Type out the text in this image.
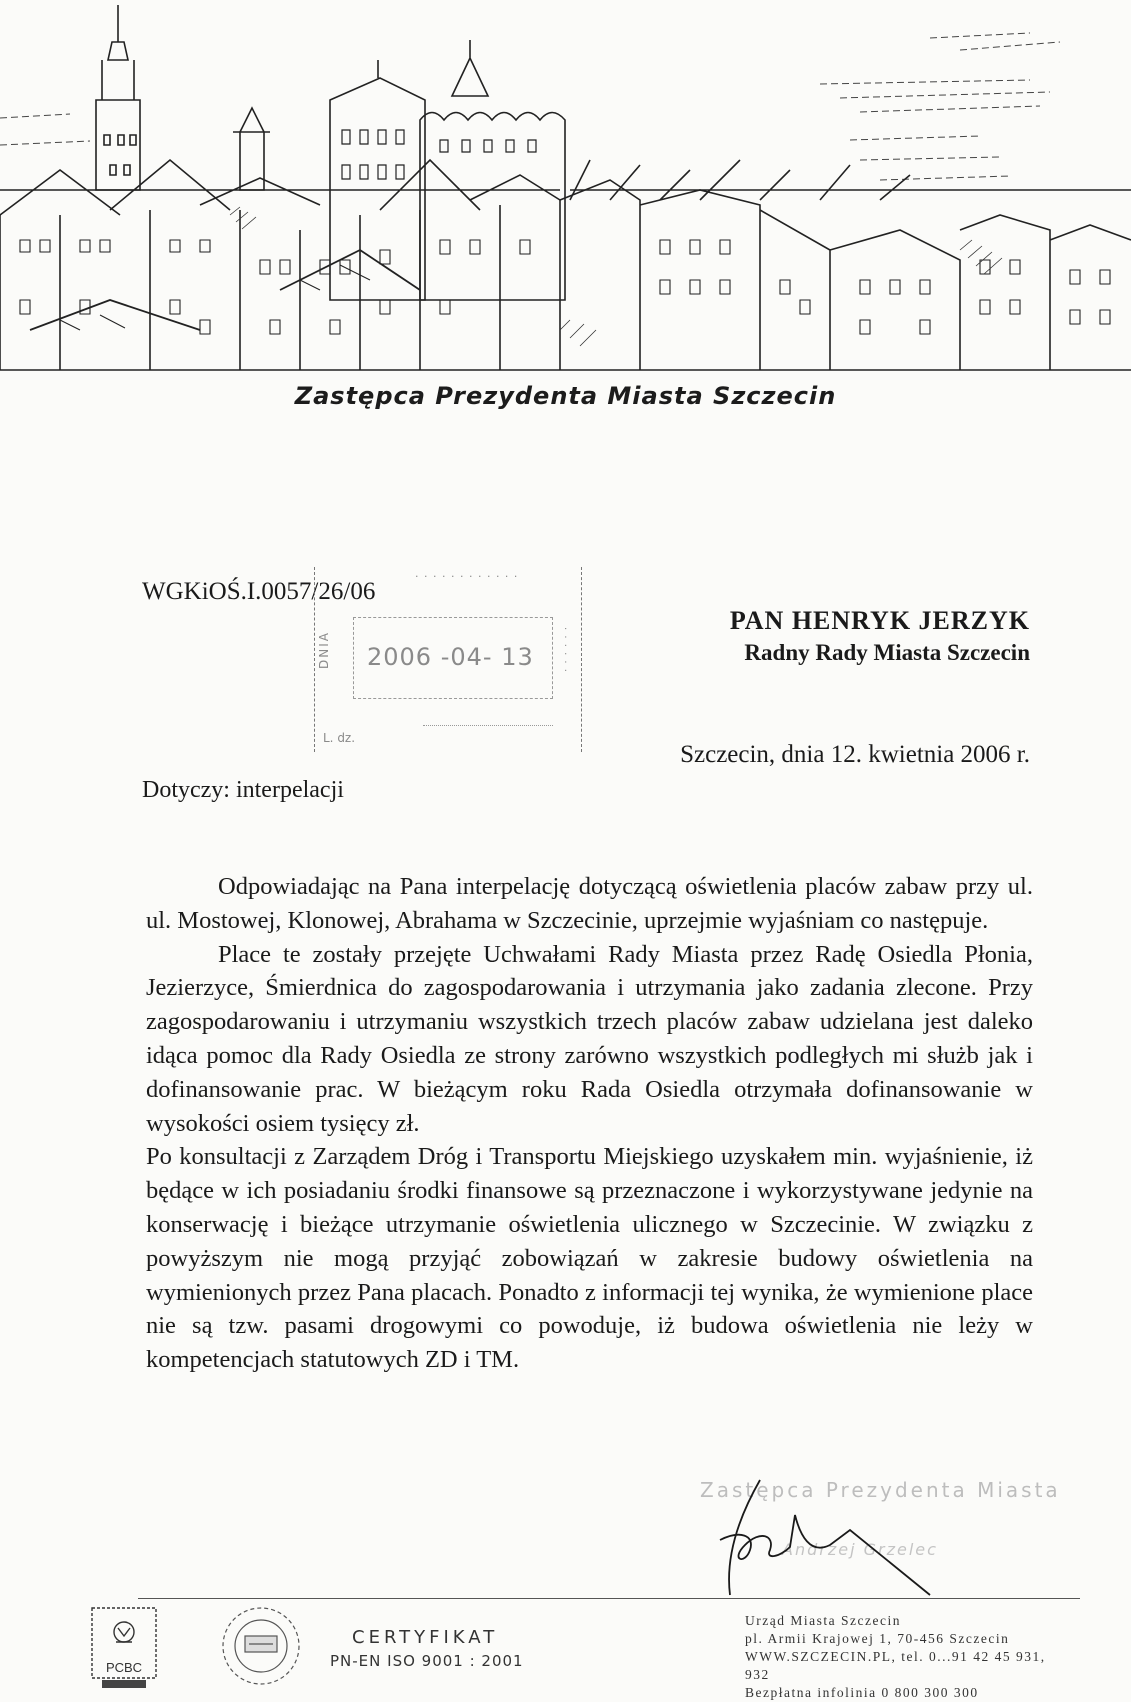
Zastępca Prezydenta Miasta Szczecin
WGKiOŚ.I.0057/26/06
· · · · · · · · · · · ·
DNIA 2006 -04- 13	· · · · · ·
L. dz.
PAN HENRYK JERZYK
Radny Rady Miasta Szczecin
Szczecin, dnia 12. kwietnia 2006 r.
Dotyczy: interpelacji

Odpowiadając na Pana interpelację dotyczącą oświetlenia placów zabaw przy ul. ul. Mostowej, Klonowej, Abrahama w Szczecinie, uprzejmie wyjaśniam co następuje.

Place te zostały przejęte Uchwałami Rady Miasta przez Radę Osiedla Płonia, Jezierzyce, Śmierdnica do zagospodarowania i utrzymania jako zadania zlecone. Przy zagospodarowaniu i utrzymaniu wszystkich trzech placów zabaw udzielana jest daleko idąca pomoc dla Rady Osiedla ze strony zarówno wszystkich podległych mi służb jak i dofinansowanie prac. W bieżącym roku Rada Osiedla otrzymała dofinansowanie w wysokości osiem tysięcy zł.

Po konsultacji z Zarządem Dróg i Transportu Miejskiego uzyskałem min. wyjaśnienie, iż będące w ich posiadaniu środki finansowe są przeznaczone i wykorzystywane jedynie na konserwację i bieżące utrzymanie oświetlenia ulicznego w Szczecinie. W związku z powyższym nie mogą przyjąć zobowiązań w zakresie budowy oświetlenia na wymienionych przez Pana placach. Ponadto z informacji tej wynika, że wymienione place nie są tzw. pasami drogowymi co powoduje, iż budowa oświetlenia nie leży w kompetencjach statutowych ZD i TM.

Zastępca Prezydenta Miasta
Andrzej Grzelec
PCBC
CERTYFIKAT
PN-EN ISO 9001 : 2001
Urząd Miasta Szczecin
pl. Armii Krajowej 1, 70-456 Szczecin
WWW.SZCZECIN.PL, tel. 0...91 42 45 931, 932
Bezpłatna infolinia 0 800 300 300
